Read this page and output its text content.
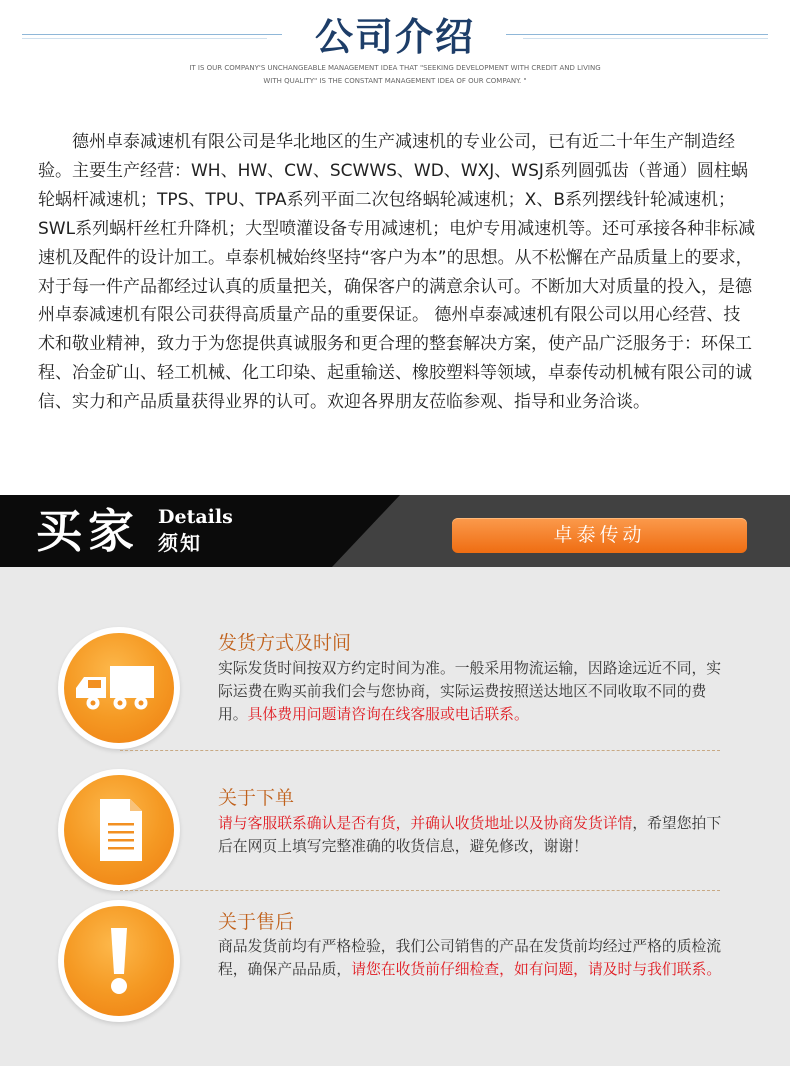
公司介绍
IT IS OUR COMPANY'S UNCHANGEABLE MANAGEMENT IDEA THAT "SEEKING DEVELOPMENT WITH CREDIT AND LIVING
WITH QUALITY" IS THE CONSTANT MANAGEMENT IDEA OF OUR COMPANY. "

德州卓泰减速机有限公司是华北地区的生产减速机的专业公司，已有近二十年生产制造经验。主要生产经营：WH、HW、CW、SCWWS、WD、WXJ、WSJ系列圆弧齿（普通）圆柱蜗轮蜗杆减速机；TPS、TPU、TPA系列平面二次包络蜗轮减速机；X、B系列摆线针轮减速机；SWL系列蜗杆丝杠升降机；大型喷灌设备专用减速机；电炉专用减速机等。还可承接各种非标减速机及配件的设计加工。卓泰机械始终坚持“客户为本”的思想。从不松懈在产品质量上的要求，对于每一件产品都经过认真的质量把关，确保客户的满意余认可。不断加大对质量的投入，是德州卓泰减速机有限公司获得高质量产品的重要保证。 德州卓泰减速机有限公司以用心经营、技术和敬业精神，致力于为您提供真诚服务和更合理的整套解决方案，使产品广泛服务于：环保工程、冶金矿山、轻工机械、化工印染、起重输送、橡胶塑料等领域，卓泰传动机械有限公司的诚信、实力和产品质量获得业界的认可。欢迎各界朋友莅临参观、指导和业务洽谈。

买家 Details
须知	卓泰传动
发货方式及时间

实际发货时间按双方约定时间为准。一般采用物流运输，因路途远近不同，实际运费在购买前我们会与您协商，实际运费按照送达地区不同收取不同的费用。具体费用问题请咨询在线客服或电话联系。

关于下单

请与客服联系确认是否有货，并确认收货地址以及协商发货详情，希望您拍下后在网页上填写完整准确的收货信息，避免修改，谢谢！

关于售后

商品发货前均有严格检验，我们公司销售的产品在发货前均经过严格的质检流程，确保产品品质，请您在收货前仔细检查，如有问题，请及时与我们联系。
